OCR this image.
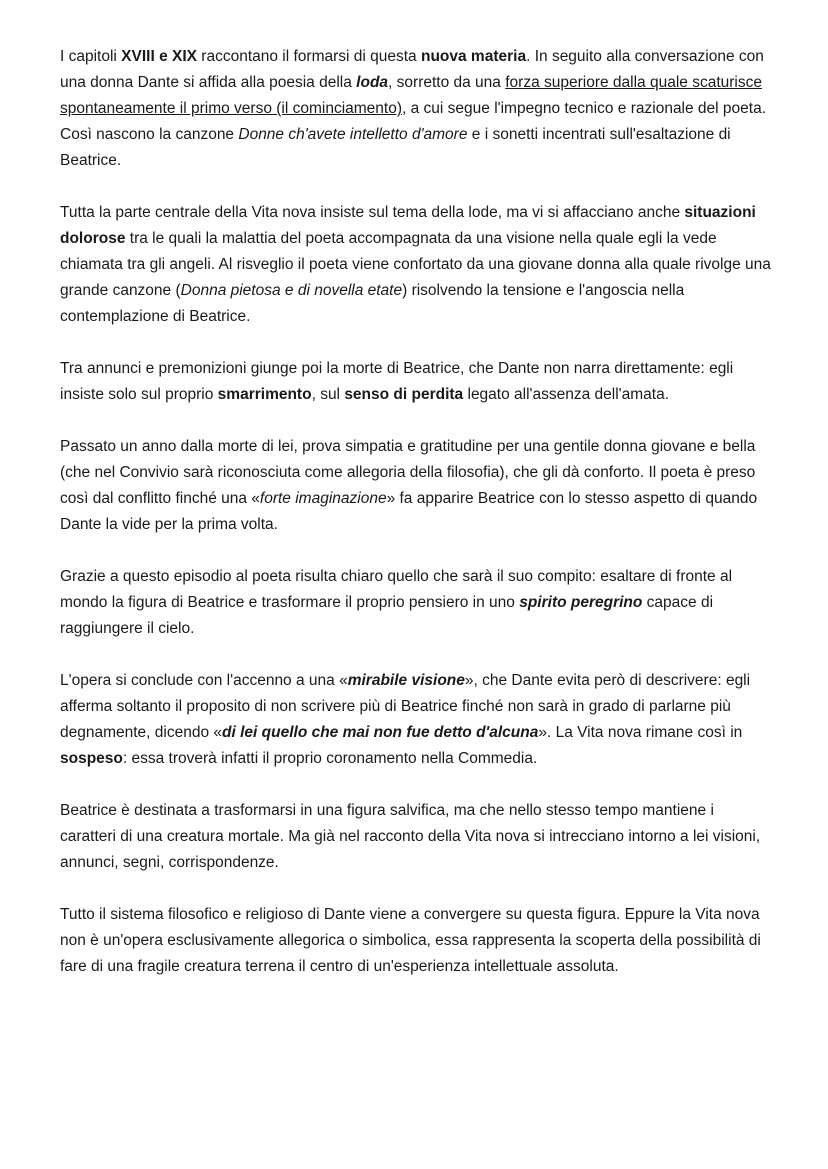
I capitoli XVIII e XIX raccontano il formarsi di questa nuova materia. In seguito alla conversazione con una donna Dante si affida alla poesia della loda, sorretto da una forza superiore dalla quale scaturisce spontaneamente il primo verso (il cominciamento), a cui segue l'impegno tecnico e razionale del poeta. Così nascono la canzone Donne ch'avete intelletto d'amore e i sonetti incentrati sull'esaltazione di Beatrice.

Tutta la parte centrale della Vita nova insiste sul tema della lode, ma vi si affacciano anche situazioni dolorose tra le quali la malattia del poeta accompagnata da una visione nella quale egli la vede chiamata tra gli angeli. Al risveglio il poeta viene confortato da una giovane donna alla quale rivolge una grande canzone (Donna pietosa e di novella etate) risolvendo la tensione e l'angoscia nella contemplazione di Beatrice.

Tra annunci e premonizioni giunge poi la morte di Beatrice, che Dante non narra direttamente: egli insiste solo sul proprio smarrimento, sul senso di perdita legato all'assenza dell'amata.

Passato un anno dalla morte di lei, prova simpatia e gratitudine per una gentile donna giovane e bella (che nel Convivio sarà riconosciuta come allegoria della filosofia), che gli dà conforto. Il poeta è preso così dal conflitto finché una «forte imaginazione» fa apparire Beatrice con lo stesso aspetto di quando Dante la vide per la prima volta.

Grazie a questo episodio al poeta risulta chiaro quello che sarà il suo compito: esaltare di fronte al mondo la figura di Beatrice e trasformare il proprio pensiero in uno spirito peregrino capace di raggiungere il cielo.

L'opera si conclude con l'accenno a una «mirabile visione», che Dante evita però di descrivere: egli afferma soltanto il proposito di non scrivere più di Beatrice finché non sarà in grado di parlarne più degnamente, dicendo «di lei quello che mai non fue detto d'alcuna». La Vita nova rimane così in sospeso: essa troverà infatti il proprio coronamento nella Commedia.

Beatrice è destinata a trasformarsi in una figura salvifica, ma che nello stesso tempo mantiene i caratteri di una creatura mortale. Ma già nel racconto della Vita nova si intrecciano intorno a lei visioni, annunci, segni, corrispondenze.

Tutto il sistema filosofico e religioso di Dante viene a convergere su questa figura. Eppure la Vita nova non è un'opera esclusivamente allegorica o simbolica, essa rappresenta la scoperta della possibilità di fare di una fragile creatura terrena il centro di un'esperienza intellettuale assoluta.
